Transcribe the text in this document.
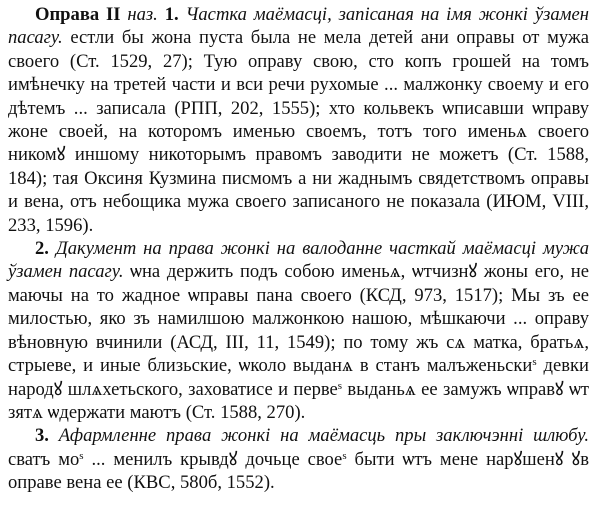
Оправа II наз. 1. Частка маёмасці, запісаная на імя жонкі ўзамен пасагу. естли бы жона пуста была не мела детей ани оправы от мужа своего (Ст. 1529, 27); Тую оправу свою, сто копъ грошей на томъ имѣнечку на третей части и вси речи рухомые ... малжонку своему и его дѣтемъ ... записала (РПП, 202, 1555); хто кольвекъ ѡписавши ѡправу жоне своей, на которомъ именью своемъ, тотъ того именьѧ своего никомꙋ иншому никоторымъ правомъ заводити не можетъ (Ст. 1588, 184); тая Оксиня Кузмина писмомъ а ни жаднымъ свядетствомъ оправы и вена, отъ небощика мужа своего записаного не показала (ИЮМ, VIII, 233, 1596).

2. Дакумент на права жонкі на валоданне часткай маёмасці мужа ўзамен пасагу. ѡна держить подъ собою именьѧ, ѡтчизнꙋ жоны его, не маючы на то жадное ѡправы пана своего (КСД, 973, 1517); Мы зъ ее милостью, яко зъ намилшою малжонкою нашою, мѣшкаючи ... оправу вѣновную вчинили (АСД, III, 11, 1549); по тому жъ сѧ матка, братьѧ, стрыеве, и иные близьские, ѡколо выданѧ в станъ малъженьски$^s$ девки народꙋ шлѧхетьского, заховатисе и перве$^s$ выданьѧ ее замужъ ѡправꙋ ѡт зятѧ ѡдержати маютъ (Ст. 1588, 270).

3. Афармленне правa жонкі на маёмасць пры заключэнні шлюбу. сватъ $мо^s$ ... менилъ крывдꙋ дочьце свое$^s$ быти ѡтъ мене нарꙋшенꙋ ꙋв оправе вена ее (КВС, 580б, 1552).
